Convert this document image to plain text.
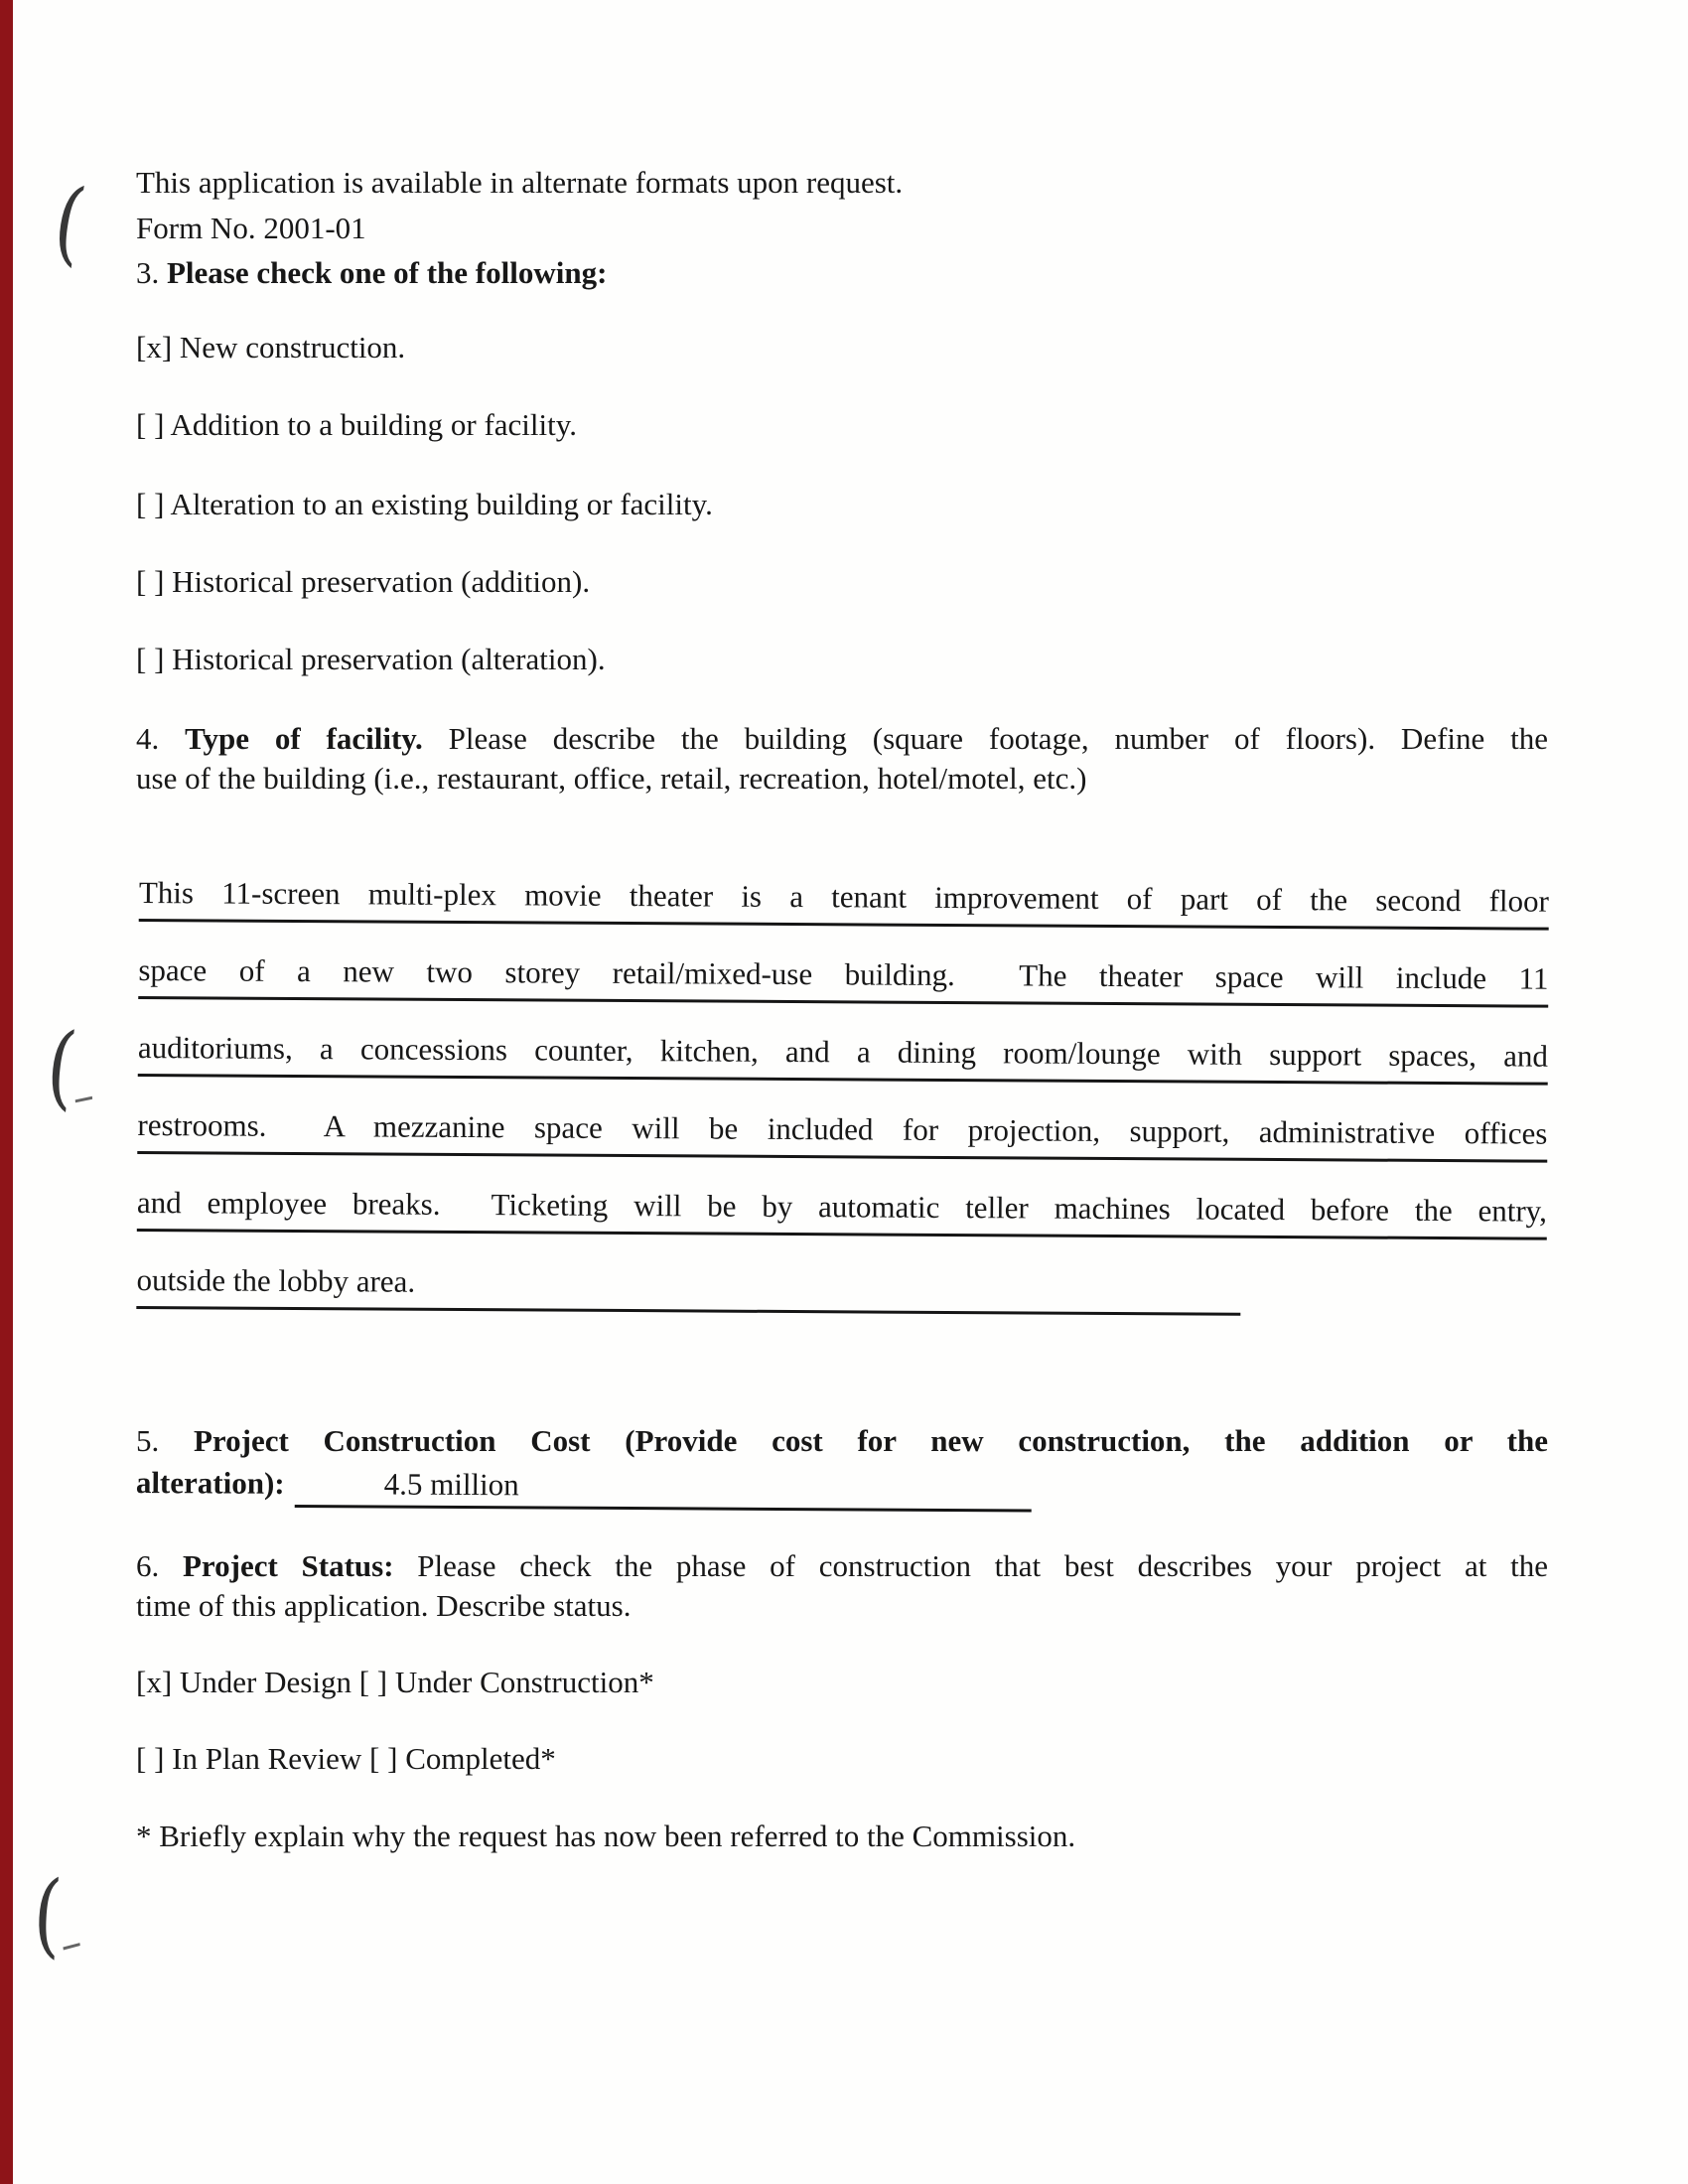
(
(
(
This application is available in alternate formats upon request.
Form No. 2001-01
3. Please check one of the following:
[x] New construction.
[ ] Addition to a building or facility.
[ ] Alteration to an existing building or facility.
[ ] Historical preservation (addition).
[ ] Historical preservation (alteration).
4. Type of facility. Please describe the building (square footage, number of floors). Define the
use of the building (i.e., restaurant, office, retail, recreation, hotel/motel, etc.)
This 11-screen multi-plex movie theater is a tenant improvement of part of the second floor
space of a new two storey retail/mixed-use building.  The theater space will include 11
auditoriums, a concessions counter, kitchen, and a dining room/lounge with support spaces, and
restrooms.  A mezzanine space will be included for projection, support, administrative offices
and employee breaks.  Ticketing will be by automatic teller machines located before the entry,
outside the lobby area.
5. Project Construction Cost (Provide cost for new construction, the addition or the
alteration):	4.5 million
6. Project Status: Please check the phase of construction that best describes your project at the
time of this application. Describe status.
[x] Under Design [ ] Under Construction*
[ ] In Plan Review [ ] Completed*
* Briefly explain why the request has now been referred to the Commission.
